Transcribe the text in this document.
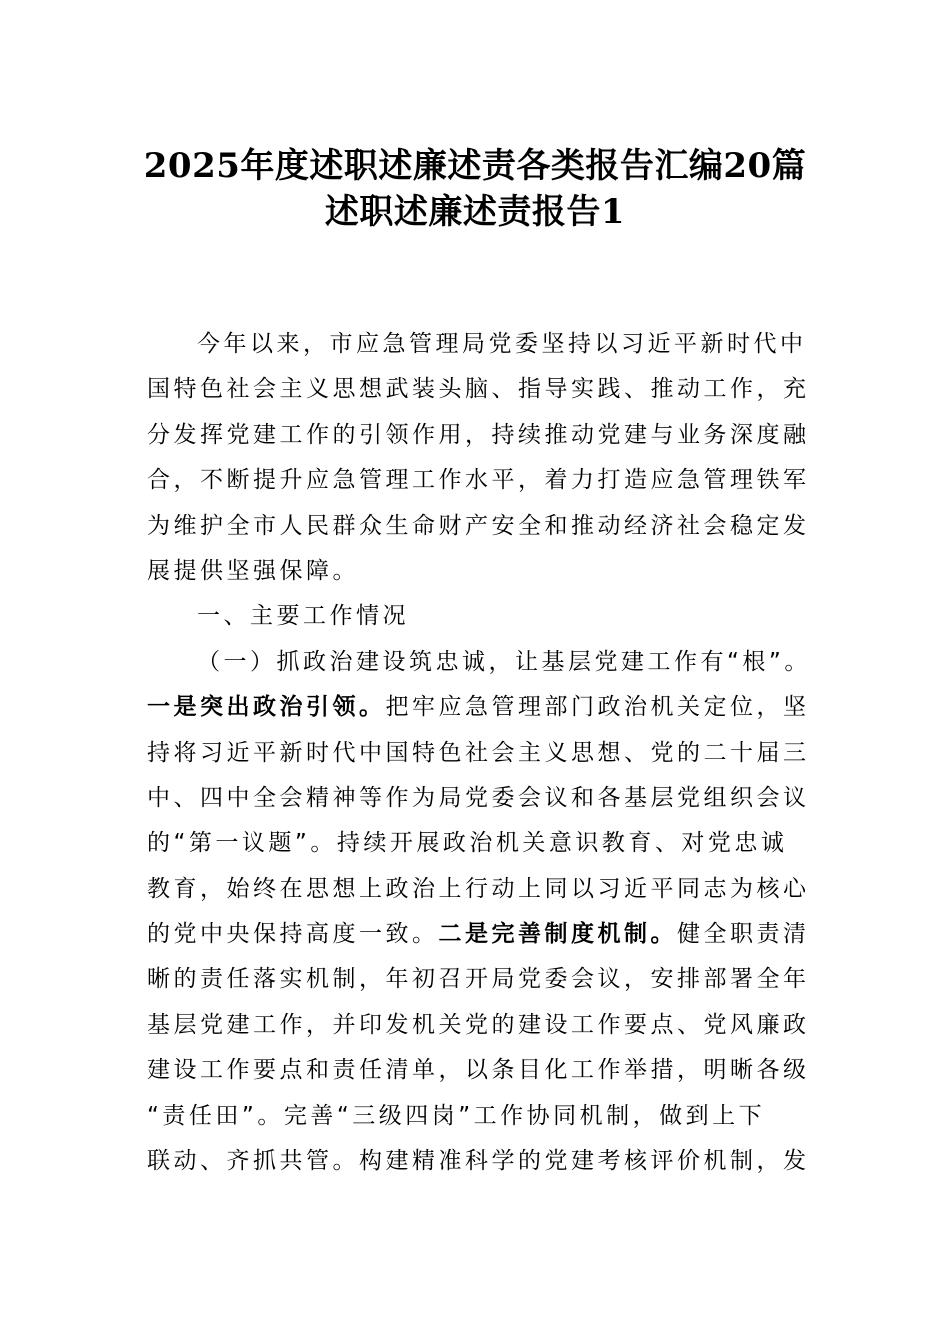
2025年度述职述廉述责各类报告汇编20篇
述职述廉述责报告1
今年以来，市应急管理局党委坚持以习近平新时代中
国特色社会主义思想武装头脑、指导实践、推动工作，充
分发挥党建工作的引领作用，持续推动党建与业务深度融
合，不断提升应急管理工作水平，着力打造应急管理铁军
为维护全市人民群众生命财产安全和推动经济社会稳定发
展提供坚强保障。
一、主要工作情况
（一）抓政治建设筑忠诚，让基层党建工作有“根”。
一是突出政治引领。把牢应急管理部门政治机关定位，坚
持将习近平新时代中国特色社会主义思想、党的二十届三
中、四中全会精神等作为局党委会议和各基层党组织会议
的“第一议题”。持续开展政治机关意识教育、对党忠诚
教育，始终在思想上政治上行动上同以习近平同志为核心
的党中央保持高度一致。二是完善制度机制。健全职责清
晰的责任落实机制，年初召开局党委会议，安排部署全年
基层党建工作，并印发机关党的建设工作要点、党风廉政
建设工作要点和责任清单，以条目化工作举措，明晰各级
“责任田”。完善“三级四岗”工作协同机制，做到上下
联动、齐抓共管。构建精准科学的党建考核评价机制，发
